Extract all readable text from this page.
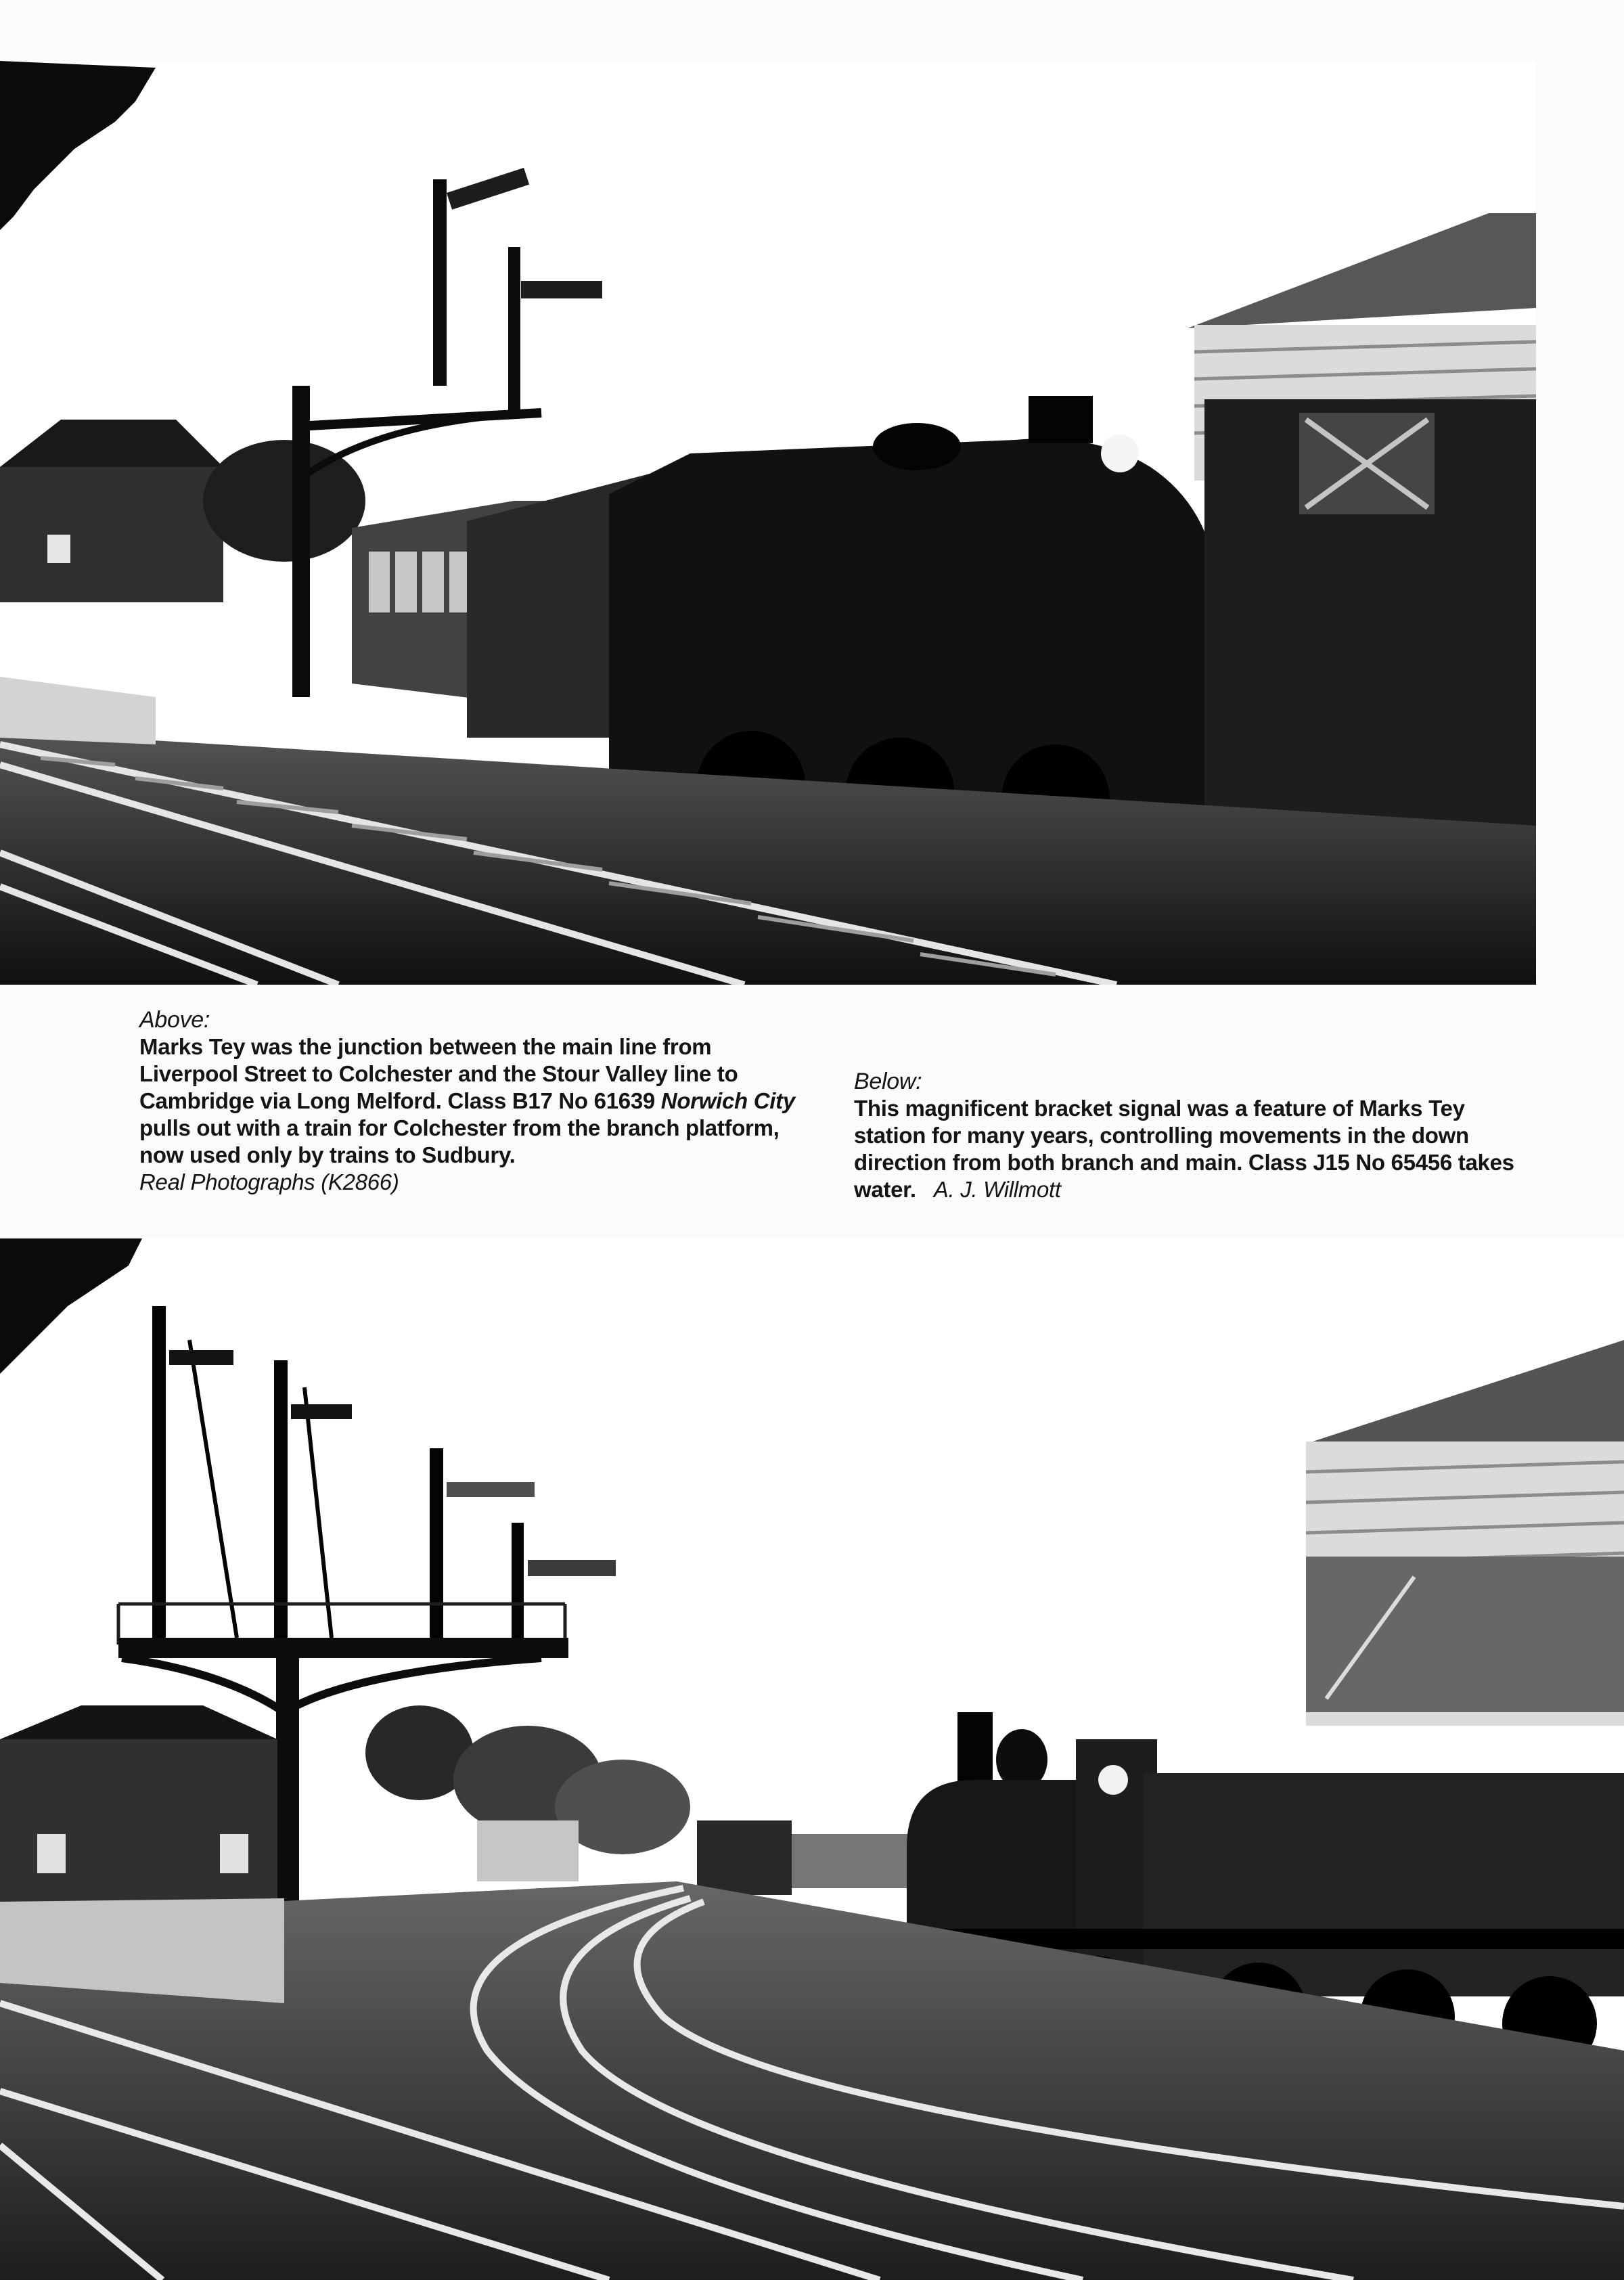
Above:
Marks Tey was the junction between the main line from Liverpool Street to Colchester and the Stour Valley line to Cambridge via Long Melford. Class B17 No 61639 Norwich City pulls out with a train for Colchester from the branch platform, now used only by trains to Sudbury.
Real Photographs (K2866)
Below:
This magnificent bracket signal was a feature of Marks Tey station for many years, controlling movements in the down direction from both branch and main. Class J15 No 65456 takes water. A. J. Willmott
